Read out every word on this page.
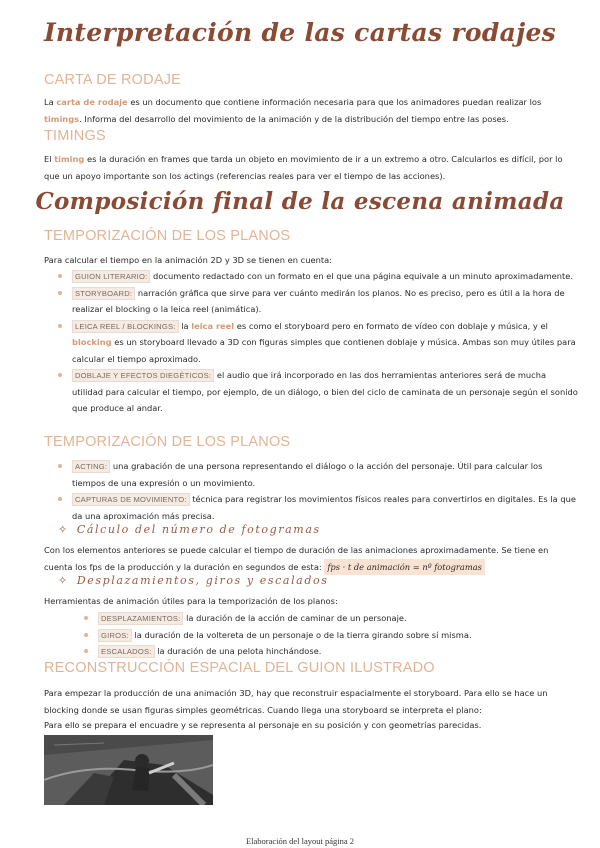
Interpretación de las cartas rodajes
CARTA DE RODAJE

La carta de rodaje es un documento que contiene información necesaria para que los animadores puedan realizar los timings. Informa del desarrollo del movimiento de la animación y de la distribución del tiempo entre las poses.

TIMINGS

El timing es la duración en frames que tarda un objeto en movimiento de ir a un extremo a otro. Calcularlos es difícil, por lo que un apoyo importante son los actings (referencias reales para ver el tiempo de las acciones).

Composición final de la escena animada
TEMPORIZACIÓN DE LOS PLANOS

Para calcular el tiempo en la animación 2D y 3D se tienen en cuenta:

GUION LITERARIO: documento redactado con un formato en el que una página equivale a un minuto aproximadamente.
STORYBOARD: narración gráfica que sirve para ver cuánto medirán los planos. No es preciso, pero es útil a la hora de realizar el blocking o la leica reel (animática).
LEICA REEL / BLOCKINGS: la leica reel es como el storyboard pero en formato de vídeo con doblaje y música, y el blocking es un storyboard llevado a 3D con figuras simples que contienen doblaje y música. Ambas son muy útiles para calcular el tiempo aproximado.
DOBLAJE Y EFECTOS DIEGÉTICOS: el audio que irá incorporado en las dos herramientas anteriores será de mucha utilidad para calcular el tiempo, por ejemplo, de un diálogo, o bien del ciclo de caminata de un personaje según el sonido que produce al andar.
TEMPORIZACIÓN DE LOS PLANOS
ACTING: una grabación de una persona representando el diálogo o la acción del personaje. Útil para calcular los tiempos de una expresión o un movimiento.
CAPTURAS DE MOVIMIENTO: técnica para registrar los movimientos físicos reales para convertirlos en digitales. Es la que da una aproximación más precisa.
✧ Cálculo del número de fotogramas

Con los elementos anteriores se puede calcular el tiempo de duración de las animaciones aproximadamente. Se tiene en cuenta los fps de la producción y la duración en segundos de esta: fps · t de animación = nº fotogramas

✧ Desplazamientos, giros y escalados

Herramientas de animación útiles para la temporización de los planos:

DESPLAZAMIENTOS: la duración de la acción de caminar de un personaje.
GIROS: la duración de la voltereta de un personaje o de la tierra girando sobre sí misma.
ESCALADOS: la duración de una pelota hinchándose.
RECONSTRUCCIÓN ESPACIAL DEL GUION ILUSTRADO

Para empezar la producción de una animación 3D, hay que reconstruir espacialmente el storyboard. Para ello se hace un blocking donde se usan figuras simples geométricas. Cuando llega una storyboard se interpreta el plano:

Para ello se prepara el encuadre y se representa al personaje en su posición y con geometrías parecidas.

Elaboración del layout página 2
